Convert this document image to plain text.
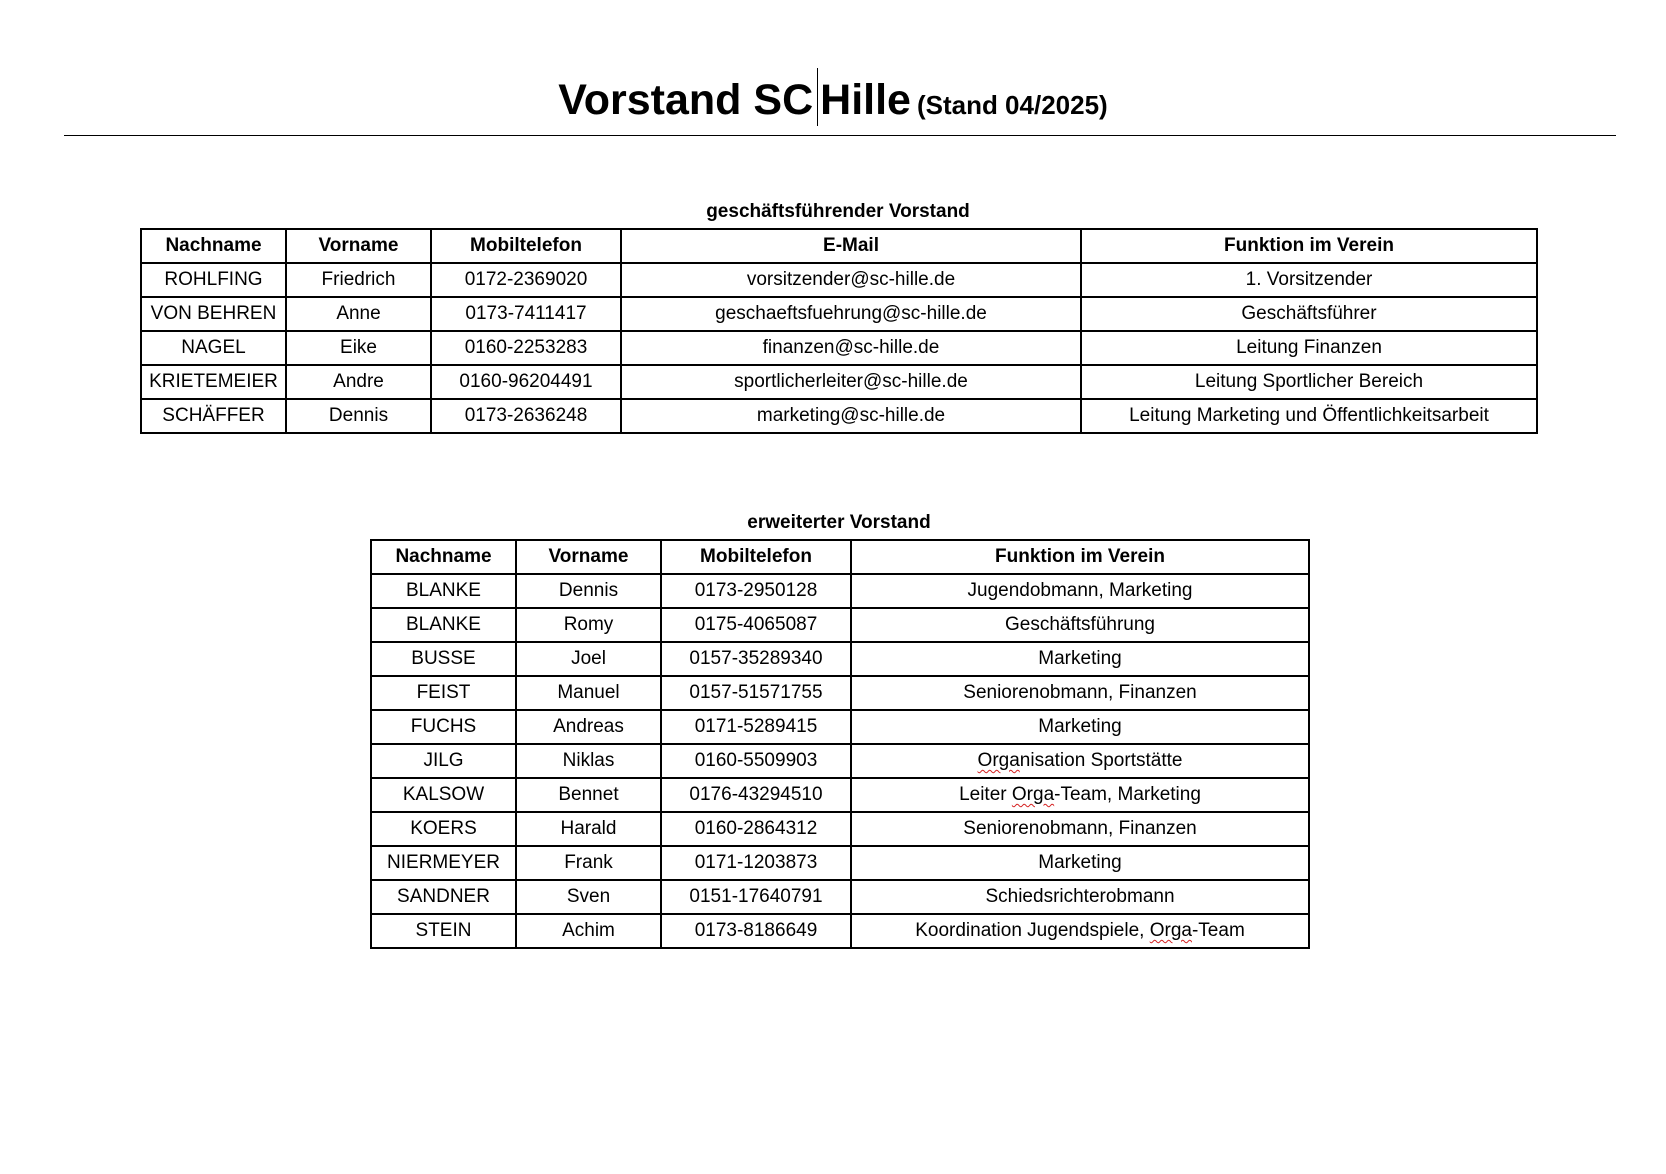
Vorstand SC Hille (Stand 04/2025)
geschäftsführender Vorstand
Nachname	Vorname	Mobiltelefon	E-Mail	Funktion im Verein
ROHLFING	Friedrich	0172-2369020	vorsitzender@sc-hille.de	1. Vorsitzender
VON BEHREN	Anne	0173-7411417	geschaeftsfuehrung@sc-hille.de	Geschäftsführer
NAGEL	Eike	0160-2253283	finanzen@sc-hille.de	Leitung Finanzen
KRIETEMEIER	Andre	0160-96204491	sportlicherleiter@sc-hille.de	Leitung Sportlicher Bereich
SCHÄFFER	Dennis	0173-2636248	marketing@sc-hille.de	Leitung Marketing und Öffentlichkeitsarbeit
erweiterter Vorstand
Nachname	Vorname	Mobiltelefon	Funktion im Verein
BLANKE	Dennis	0173-2950128	Jugendobmann, Marketing
BLANKE	Romy	0175-4065087	Geschäftsführung
BUSSE	Joel	0157-35289340	Marketing
FEIST	Manuel	0157-51571755	Seniorenobmann, Finanzen
FUCHS	Andreas	0171-5289415	Marketing
JILG	Niklas	0160-5509903	Organisation Sportstätte
KALSOW	Bennet	0176-43294510	Leiter Orga-Team, Marketing
KOERS	Harald	0160-2864312	Seniorenobmann, Finanzen
NIERMEYER	Frank	0171-1203873	Marketing
SANDNER	Sven	0151-17640791	Schiedsrichterobmann
STEIN	Achim	0173-8186649	Koordination Jugendspiele, Orga-Team
